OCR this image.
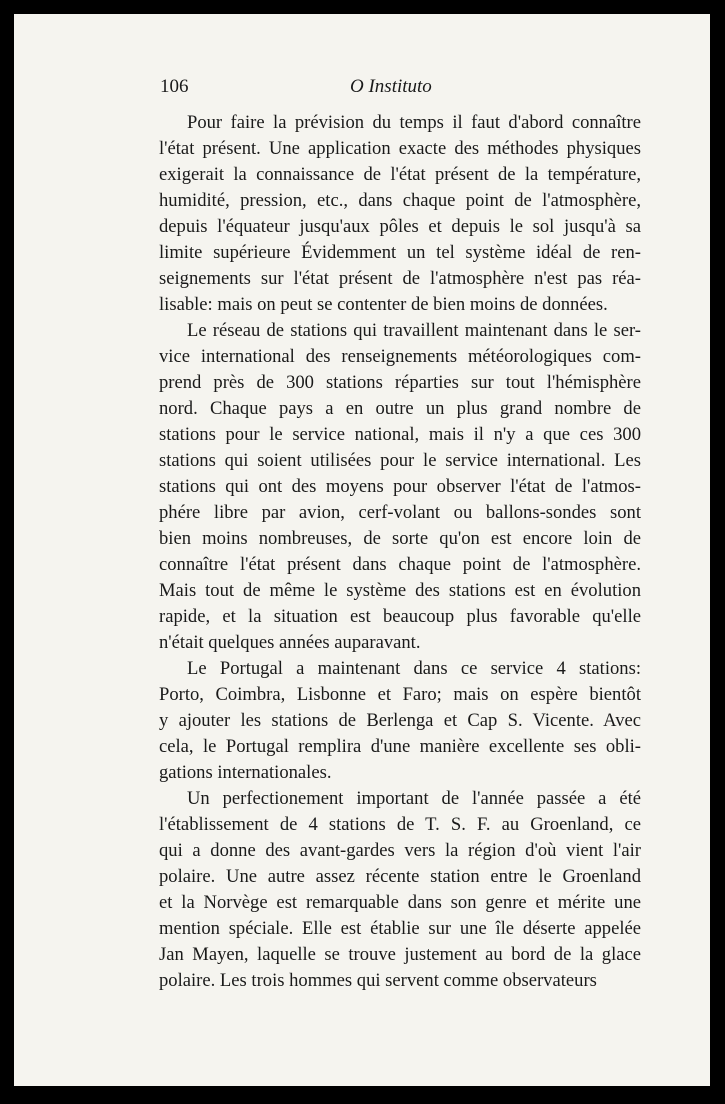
106	O Instituto

Pour faire la prévision du temps il faut d'abord connaître
l'état présent. Une application exacte des méthodes physiques
exigerait la connaissance de l'état présent de la température,
humidité, pression, etc., dans chaque point de l'atmosphère,
depuis l'équateur jusqu'aux pôles et depuis le sol jusqu'à sa
limite supérieure Évidemment un tel système idéal de ren-
seignements sur l'état présent de l'atmosphère n'est pas réa-
lisable: mais on peut se contenter de bien moins de données.

Le réseau de stations qui travaillent maintenant dans le ser-
vice international des renseignements météorologiques com-
prend près de 300 stations réparties sur tout l'hémisphère
nord. Chaque pays a en outre un plus grand nombre de
stations pour le service national, mais il n'y a que ces 300
stations qui soient utilisées pour le service international. Les
stations qui ont des moyens pour observer l'état de l'atmos-
phére libre par avion, cerf-volant ou ballons-sondes sont
bien moins nombreuses, de sorte qu'on est encore loin de
connaître l'état présent dans chaque point de l'atmosphère.
Mais tout de même le système des stations est en évolution
rapide, et la situation est beaucoup plus favorable qu'elle
n'était quelques années auparavant.

Le Portugal a maintenant dans ce service 4 stations:
Porto, Coimbra, Lisbonne et Faro; mais on espère bientôt
y ajouter les stations de Berlenga et Cap S. Vicente. Avec
cela, le Portugal remplira d'une manière excellente ses obli-
gations internationales.

Un perfectionement important de l'année passée a été
l'établissement de 4 stations de T. S. F. au Groenland, ce
qui a donne des avant-gardes vers la région d'où vient l'air
polaire. Une autre assez récente station entre le Groenland
et la Norvège est remarquable dans son genre et mérite une
mention spéciale. Elle est établie sur une île déserte appelée
Jan Mayen, laquelle se trouve justement au bord de la glace
polaire. Les trois hommes qui servent comme observateurs
